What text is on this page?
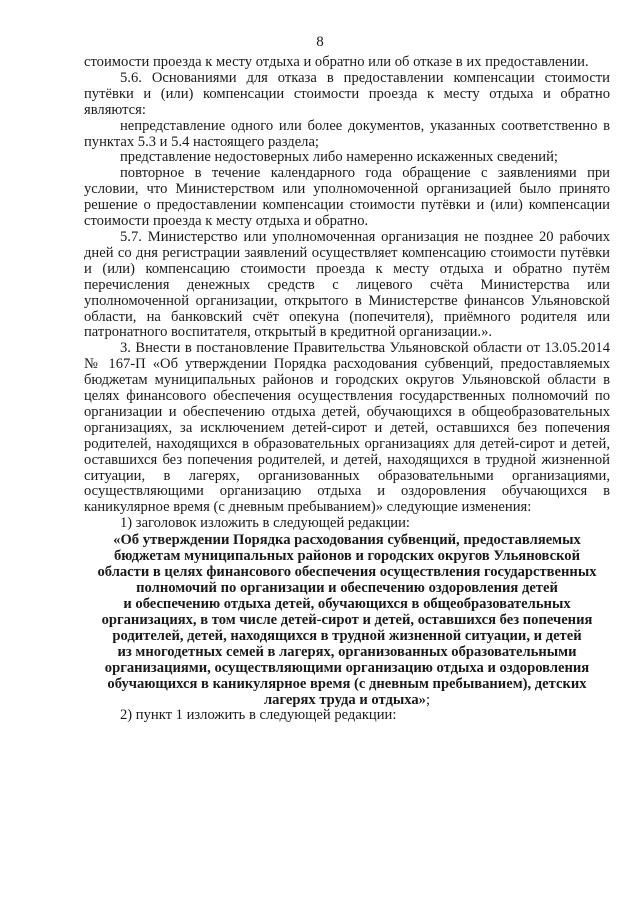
8

стоимости проезда к месту отдыха и обратно или об отказе в их предоставлении.

5.6. Основаниями для отказа в предоставлении компенсации стоимости путёвки и (или) компенсации стоимости проезда к месту отдыха и обратно являются:

непредставление одного или более документов, указанных соответственно в пунктах 5.3 и 5.4 настоящего раздела;

представление недостоверных либо намеренно искаженных сведений;

повторное в течение календарного года обращение с заявлениями при условии, что Министерством или уполномоченной организацией было принято решение о предоставлении компенсации стоимости путёвки и (или) компенсации стоимости проезда к месту отдыха и обратно.

5.7. Министерство или уполномоченная организация не позднее 20 рабочих дней со дня регистрации заявлений осуществляет компенсацию стоимости путёвки и (или) компенсацию стоимости проезда к месту отдыха и обратно путём перечисления денежных средств с лицевого счёта Министерства или уполномоченной организации, открытого в Министерстве финансов Ульяновской области, на банковский счёт опекуна (попечителя), приёмного родителя или патронатного воспитателя, открытый в кредитной организации.».

3. Внести в постановление Правительства Ульяновской области от 13.05.2014 № 167-П «Об утверждении Порядка расходования субвенций, предоставляемых бюджетам муниципальных районов и городских округов Ульяновской области в целях финансового обеспечения осуществления государственных полномочий по организации и обеспечению отдыха детей, обучающихся в общеобразовательных организациях, за исключением детей-сирот и детей, оставшихся без попечения родителей, находящихся в образовательных организациях для детей-сирот и детей, оставшихся без попечения родителей, и детей, находящихся в трудной жизненной ситуации, в лагерях, организованных образовательными организациями, осуществляющими организацию отдыха и оздоровления обучающихся в каникулярное время (с дневным пребыванием)» следующие изменения:

1) заголовок изложить в следующей редакции:

«Об утверждении Порядка расходования субвенций, предоставляемых

бюджетам муниципальных районов и городских округов Ульяновской

области в целях финансового обеспечения осуществления государственных

полномочий по организации и обеспечению оздоровления детей

и обеспечению отдыха детей, обучающихся в общеобразовательных

организациях, в том числе детей-сирот и детей, оставшихся без попечения

родителей, детей, находящихся в трудной жизненной ситуации, и детей

из многодетных семей в лагерях, организованных образовательными

организациями, осуществляющими организацию отдыха и оздоровления

обучающихся в каникулярное время (с дневным пребыванием), детских

лагерях труда и отдыха»;

2) пункт 1 изложить в следующей редакции:
